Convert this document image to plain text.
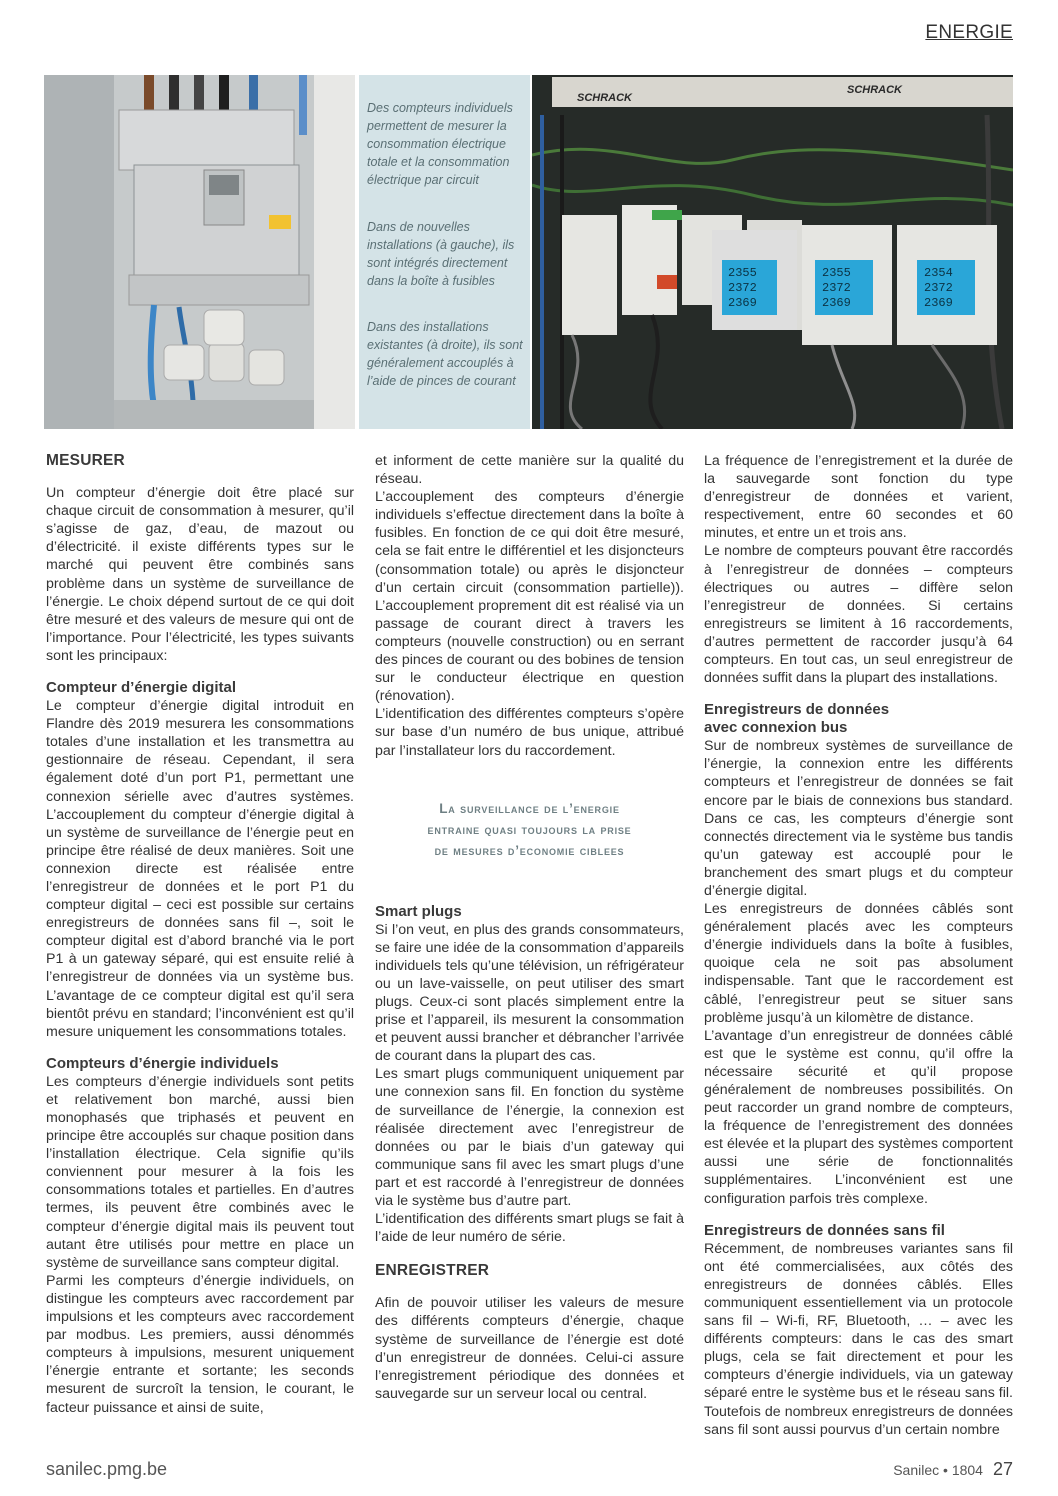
ENERGIE

Des compteurs individuels permettent de mesurer la consommation électrique totale et la consommation électrique par circuit

Dans de nouvelles installations (à gauche), ils sont intégrés directement dans la boîte à fusibles

Dans des installations existantes (à droite), ils sont généralement accouplés à l’aide de pinces de courant

SCHRACK
SCHRACK
2355
2372
2369
2355
2372
2369
2354
2372
2369
MESURER

Un compteur d’énergie doit être placé sur chaque circuit de consommation à mesurer, qu’il s’agisse de gaz, d’eau, de mazout ou d’électricité. il existe différents types sur le marché qui peuvent être combinés sans problème dans un système de surveillance de l’énergie. Le choix dépend surtout de ce qui doit être mesuré et des valeurs de mesure qui ont de l’importance. Pour l’électricité, les types suivants sont les principaux:

Compteur d’énergie digital

Le compteur d’énergie digital introduit en Flandre dès 2019 mesurera les consommations totales d’une installation et les transmettra au gestionnaire de réseau. Cependant, il sera également doté d’un port P1, permettant une connexion sérielle avec d’autres systèmes. L’accouplement du compteur d’énergie digital à un système de surveillance de l’énergie peut en principe être réalisé de deux manières. Soit une connexion directe est réalisée entre l’enregistreur de données et le port P1 du compteur digital – ceci est possible sur certains enregistreurs de données sans fil –, soit le compteur digital est d’abord branché via le port P1 à un gateway séparé, qui est ensuite relié à l’enregistreur de données via un système bus. L’avantage de ce compteur digital est qu’il sera bientôt prévu en standard; l’inconvénient est qu’il mesure uniquement les consommations totales.

Compteurs d’énergie individuels

Les compteurs d’énergie individuels sont petits et relativement bon marché, aussi bien monophasés que triphasés et peuvent en principe être accouplés sur chaque position dans l’installation électrique. Cela signifie qu’ils conviennent pour mesurer à la fois les consommations totales et partielles. En d’autres termes, ils peuvent être combinés avec le compteur d’énergie digital mais ils peuvent tout autant être utilisés pour mettre en place un système de surveillance sans compteur digital.

Parmi les compteurs d’énergie individuels, on distingue les compteurs avec raccordement par impulsions et les compteurs avec raccordement par modbus. Les premiers, aussi dénommés compteurs à impulsions, mesurent uniquement l’énergie entrante et sortante; les seconds mesurent de surcroît la tension, le courant, le facteur puissance et ainsi de suite,

et informent de cette manière sur la qualité du réseau.

L’accouplement des compteurs d’énergie individuels s’effectue directement dans la boîte à fusibles. En fonction de ce qui doit être mesuré, cela se fait entre le différentiel et les disjoncteurs (consommation totale) ou après le disjoncteur d’un certain circuit (consommation partielle)). L’accouplement proprement dit est réalisé via un passage de courant direct à travers les compteurs (nouvelle construction) ou en serrant des pinces de courant ou des bobines de tension sur le conducteur électrique en question (rénovation).

L’identification des différentes compteurs s’opère sur base d’un numéro de bus unique, attribué par l’installateur lors du raccordement.

La surveillance de l’energie
entraine quasi toujours la prise
de mesures d’economie ciblees
Smart plugs

Si l’on veut, en plus des grands consommateurs, se faire une idée de la consommation d’appareils individuels tels qu’une télévision, un réfrigérateur ou un lave-vaisselle, on peut utiliser des smart plugs. Ceux-ci sont placés simplement entre la prise et l’appareil, ils mesurent la consommation et peuvent aussi brancher et débrancher l’arrivée de courant dans la plupart des cas.

Les smart plugs communiquent uniquement par une connexion sans fil. En fonction du système de surveillance de l’énergie, la connexion est réalisée directement avec l’enregistreur de données ou par le biais d’un gateway qui communique sans fil avec les smart plugs d’une part et est raccordé à l’enregistreur de données via le système bus d’autre part.

L’identification des différents smart plugs se fait à l’aide de leur numéro de série.

ENREGISTRER

Afin de pouvoir utiliser les valeurs de mesure des différents compteurs d’énergie, chaque système de surveillance de l’énergie est doté d’un enregistreur de données. Celui-ci assure l’enregistrement périodique des données et sauvegarde sur un serveur local ou central.

La fréquence de l’enregistrement et la durée de la sauvegarde sont fonction du type d’enregistreur de données et varient, respectivement, entre 60 secondes et 60 minutes, et entre un et trois ans.

Le nombre de compteurs pouvant être raccordés à l’enregistreur de données – compteurs électriques ou autres – diffère selon l’enregistreur de données. Si certains enregistreurs se limitent à 16 raccordements, d’autres permettent de raccorder jusqu’à 64 compteurs. En tout cas, un seul enregistreur de données suffit dans la plupart des installations.

Enregistreurs de données
avec connexion bus

Sur de nombreux systèmes de surveillance de l’énergie, la connexion entre les différents compteurs et l’enregistreur de données se fait encore par le biais de connexions bus standard. Dans ce cas, les compteurs d’énergie sont connectés directement via le système bus tandis qu’un gateway est accouplé pour le branchement des smart plugs et du compteur d’énergie digital.

Les enregistreurs de données câblés sont généralement placés avec les compteurs d’énergie individuels dans la boîte à fusibles, quoique cela ne soit pas absolument indispensable. Tant que le raccordement est câblé, l’enregistreur peut se situer sans problème jusqu’à un kilomètre de distance.

L’avantage d’un enregistreur de données câblé est que le système est connu, qu’il offre la nécessaire sécurité et qu’il propose généralement de nombreuses possibilités. On peut raccorder un grand nombre de compteurs, la fréquence de l’enregistrement des données est élevée et la plupart des systèmes comportent aussi une série de fonctionnalités supplémentaires. L’inconvénient est une configuration parfois très complexe.

Enregistreurs de données sans fil

Récemment, de nombreuses variantes sans fil ont été commercialisées, aux côtés des enregistreurs de données câblés. Elles communiquent essentiellement via un protocole sans fil – Wi-fi, RF, Bluetooth, … – avec les différents compteurs: dans le cas des smart plugs, cela se fait directement et pour les compteurs d’énergie individuels, via un gateway séparé entre le système bus et le réseau sans fil. Toutefois de nombreux enregistreurs de données sans fil sont aussi pourvus d’un certain nombre

sanilec.pmg.be	Sanilec • 1804 27
